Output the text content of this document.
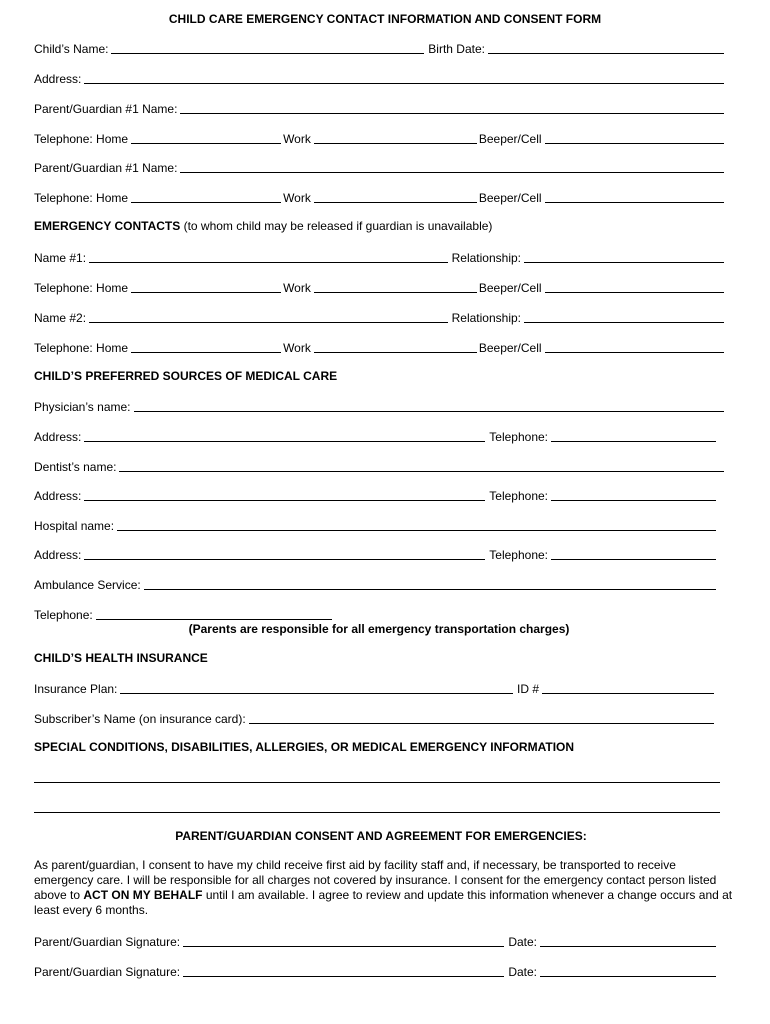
CHILD CARE EMERGENCY CONTACT INFORMATION AND CONSENT FORM
Child’s Name:	Birth Date:
Address:
Parent/Guardian #1 Name:
Telephone: Home	Work	Beeper/Cell
Parent/Guardian #1 Name:
Telephone: Home	Work	Beeper/Cell
EMERGENCY CONTACTS (to whom child may be released if guardian is unavailable)
Name #1:	Relationship:
Telephone: Home	Work	Beeper/Cell
Name #2:	Relationship:
Telephone: Home	Work	Beeper/Cell
CHILD’S PREFERRED SOURCES OF MEDICAL CARE
Physician’s name:
Address:	Telephone:
Dentist’s name:
Address:	Telephone:
Hospital name:
Address:	Telephone:
Ambulance Service:
Telephone:
(Parents are responsible for all emergency transportation charges)
CHILD’S HEALTH INSURANCE
Insurance Plan:	ID #
Subscriber’s Name (on insurance card):
SPECIAL CONDITIONS, DISABILITIES, ALLERGIES, OR MEDICAL EMERGENCY INFORMATION
PARENT/GUARDIAN CONSENT AND AGREEMENT FOR EMERGENCIES:
As parent/guardian, I consent to have my child receive first aid by facility staff and, if necessary, be transported to receive emergency care. I will be responsible for all charges not covered by insurance. I consent for the emergency contact person listed above to ACT ON MY BEHALF until I am available. I agree to review and update this information whenever a change occurs and at least every 6 months.
Parent/Guardian Signature:	Date:
Parent/Guardian Signature:	Date:
